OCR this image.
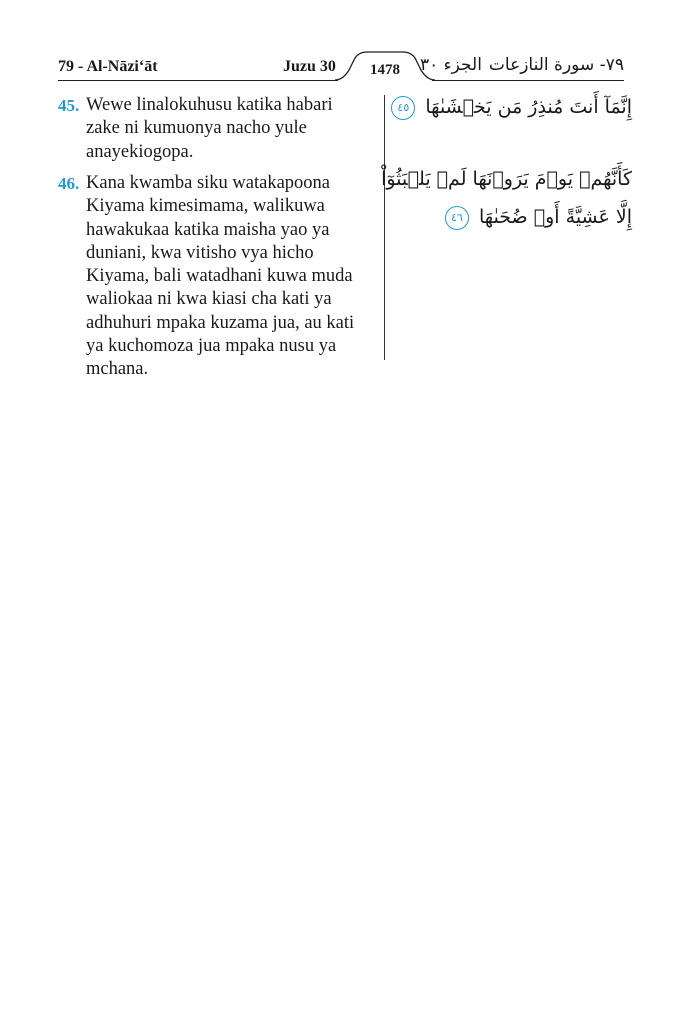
79 - Al-Nāzi‘āt	Juzu 30	الجزء ٣٠ ٧٩- سورة النازعات
1478
45. Wewe linalokuhusu katika habari zake ni kumuonya nacho yule anayekiogopa.
46. Kana kwamba siku watakapoona Kiyama kimesimama, walikuwa hawakukaa katika maisha yao ya duniani, kwa vitisho vya hicho Kiyama, bali watadhani kuwa muda waliokaa ni kwa kiasi cha kati ya adhuhuri mpaka kuzama jua, au kati ya kuchomoza jua mpaka nusu ya mchana.
إِنَّمَآ أَنتَ مُنذِرُ مَن يَخۡشَىٰهَا ٤٥
كَأَنَّهُمۡ يَوۡمَ يَرَوۡنَهَا لَمۡ يَلۡبَثُوٓاْ إِلَّا عَشِيَّةً أَوۡ ضُحَىٰهَا ٤٦
